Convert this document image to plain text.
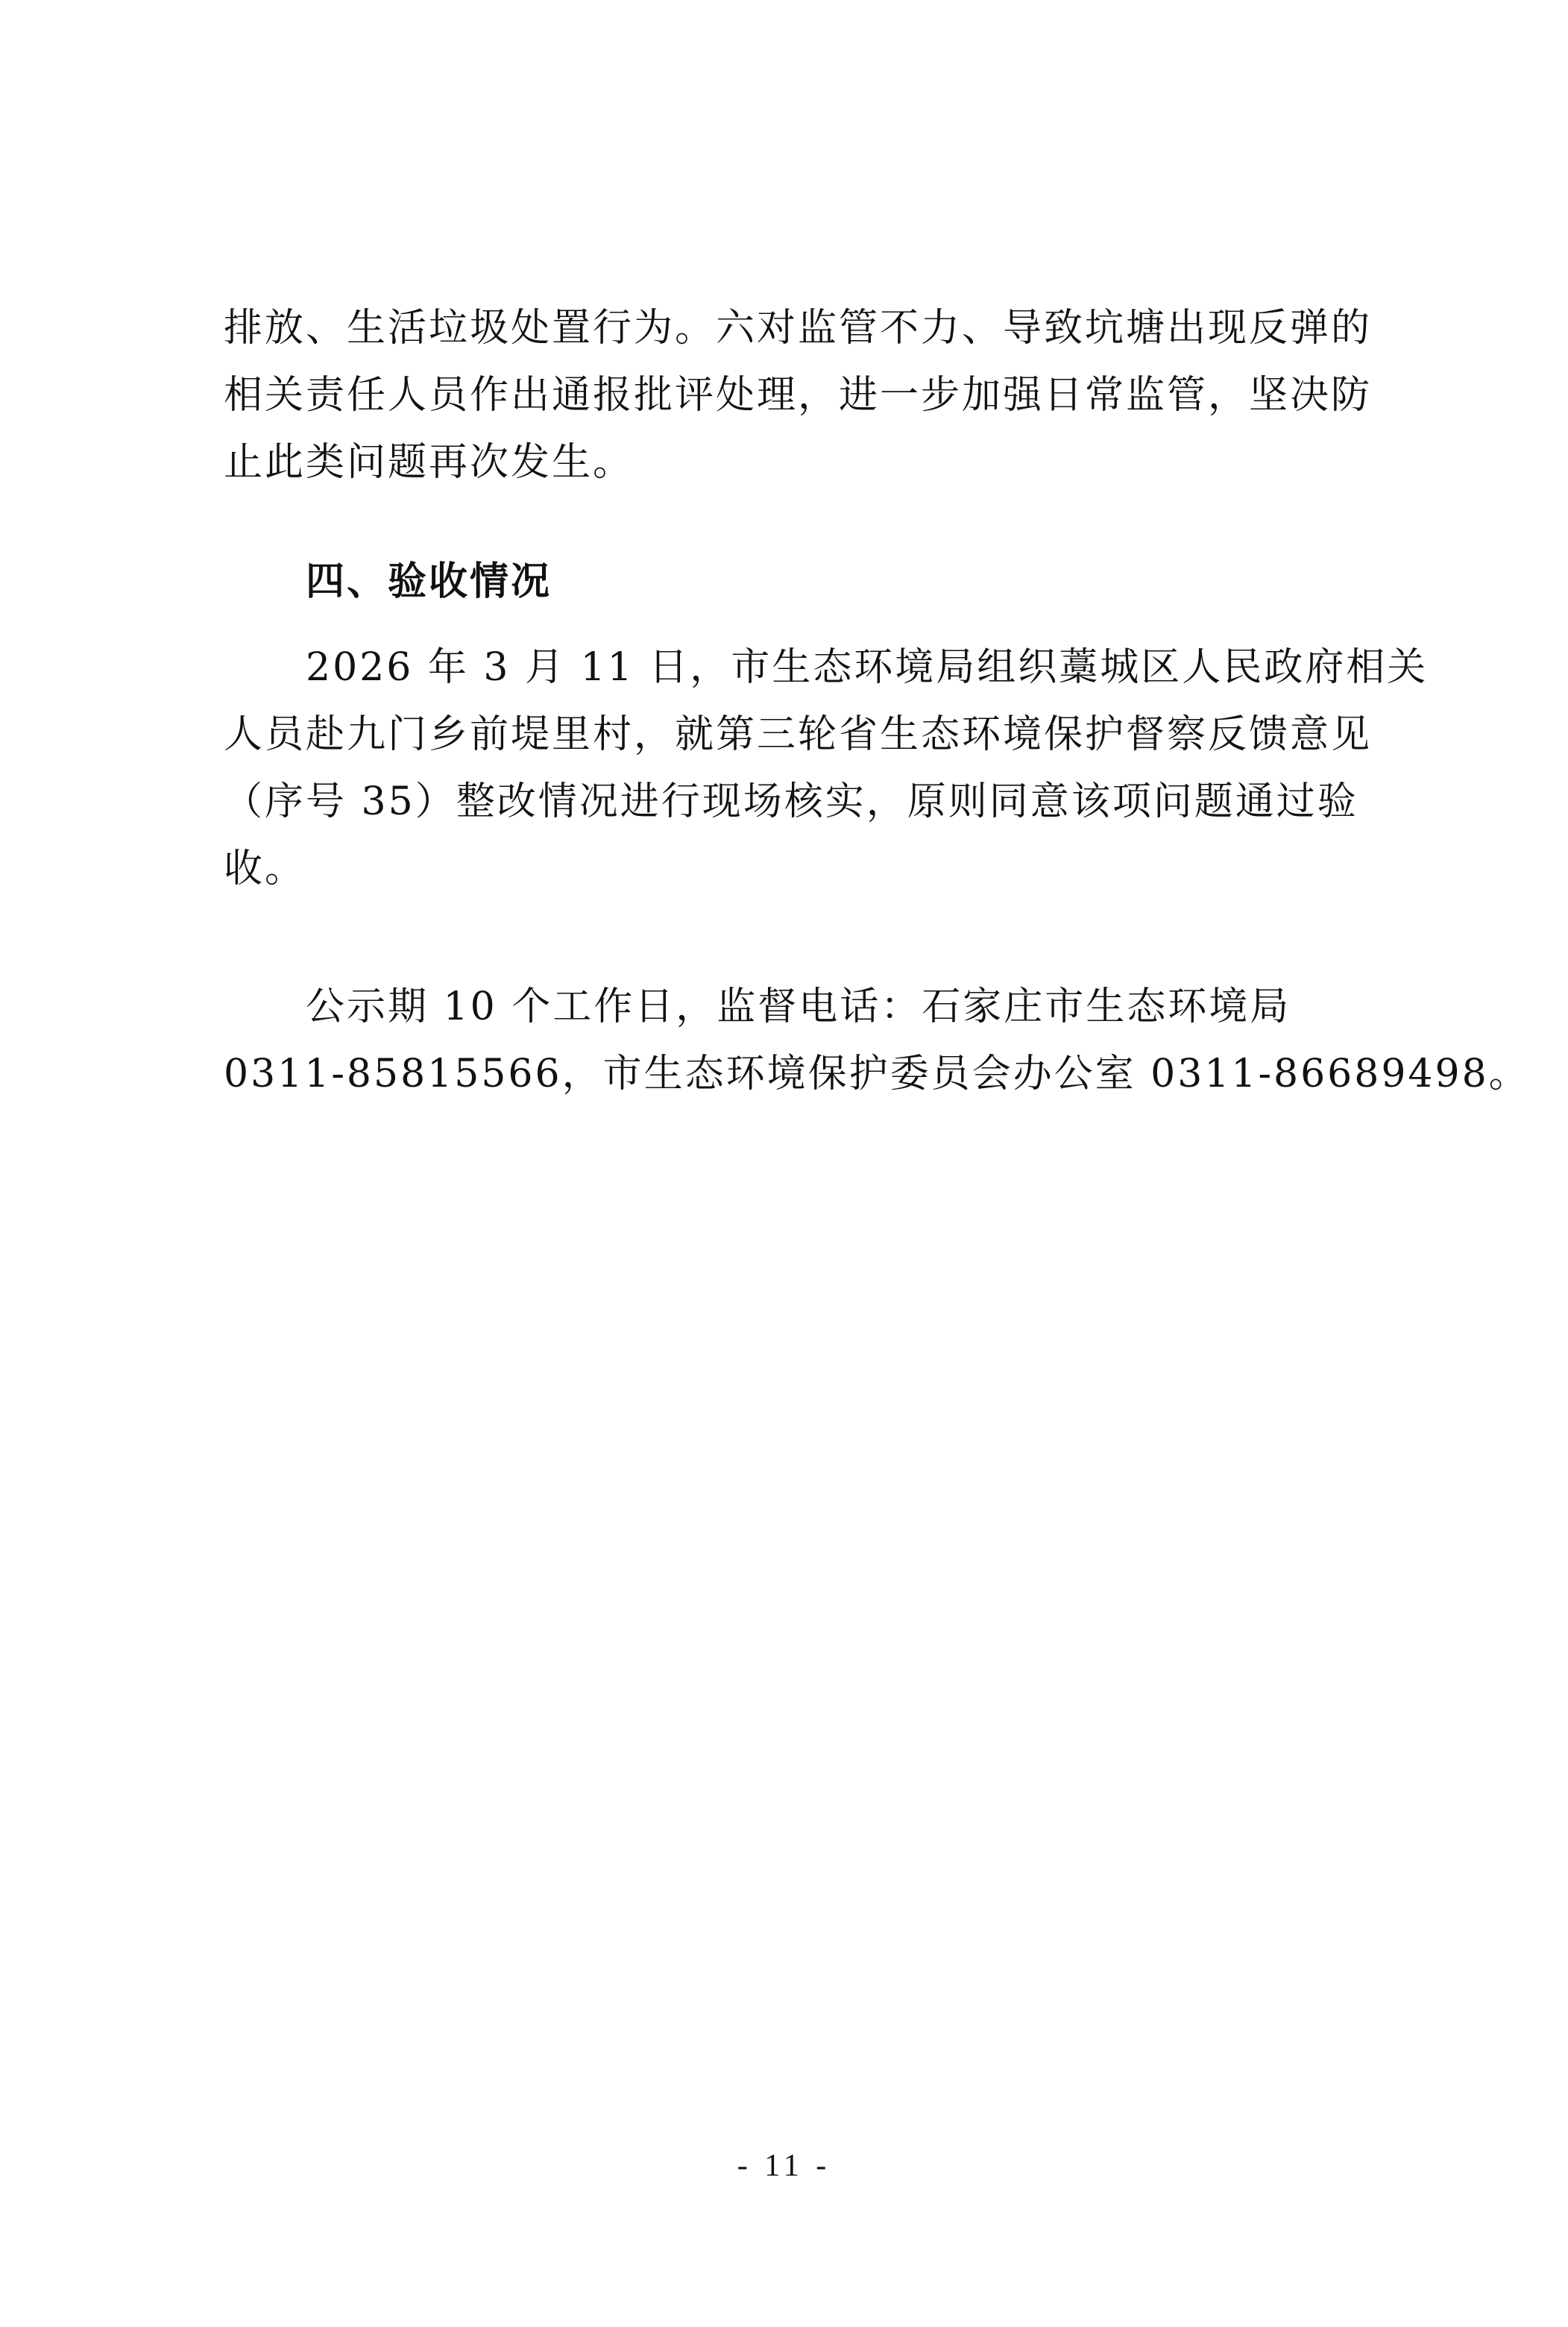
排放、生活垃圾处置行为。六对监管不力、导致坑塘出现反弹的
相关责任人员作出通报批评处理，进一步加强日常监管，坚决防
止此类问题再次发生。
四、验收情况
2026 年 3 月 11 日，市生态环境局组织藁城区人民政府相关
人员赴九门乡前堤里村，就第三轮省生态环境保护督察反馈意见
（序号 35）整改情况进行现场核实，原则同意该项问题通过验
收。
公示期 10 个工作日，监督电话：石家庄市生态环境局
0311-85815566，市生态环境保护委员会办公室 0311-86689498。
- 11 -
